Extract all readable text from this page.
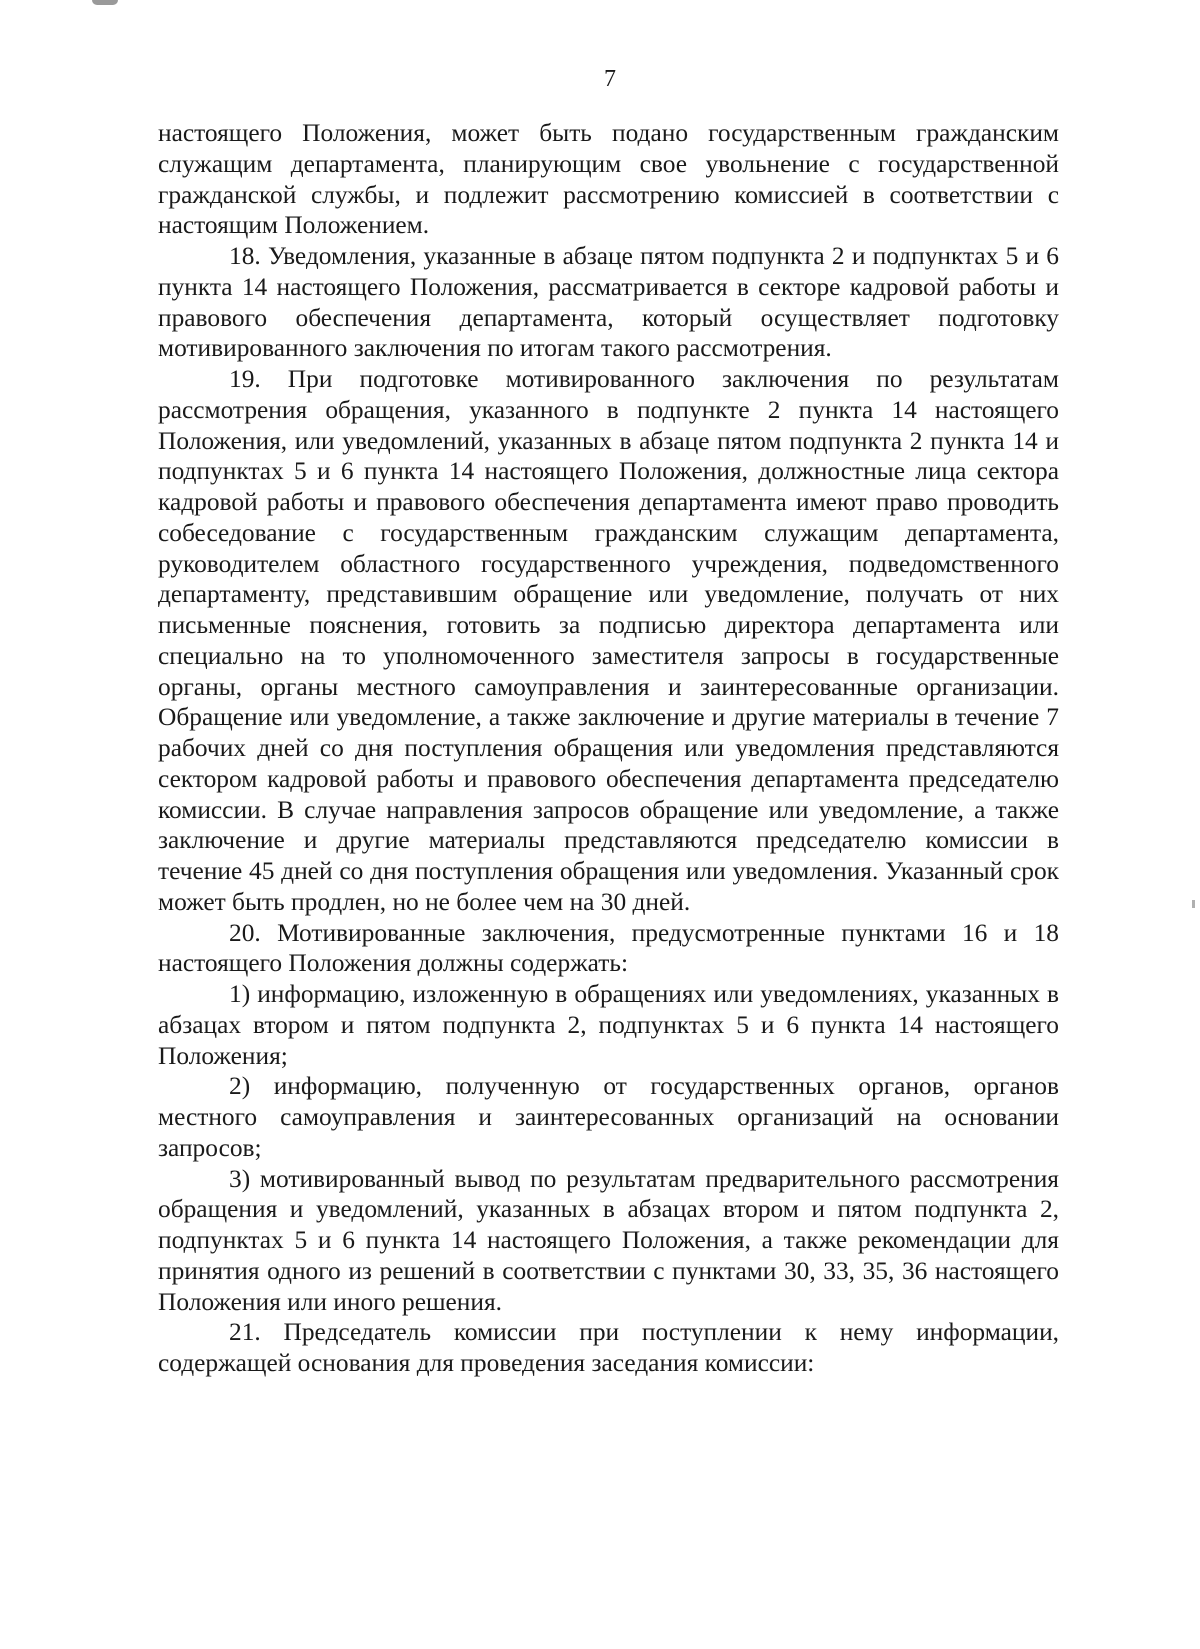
7

настоящего Положения, может быть подано государственным гражданским служащим департамента, планирующим свое увольнение с государственной гражданской службы, и подлежит рассмотрению комиссией в соответствии с настоящим Положением.

18. Уведомления, указанные в абзаце пятом подпункта 2 и подпунктах 5 и 6 пункта 14 настоящего Положения, рассматривается в секторе кадровой работы и правового обеспечения департамента, который осуществляет подготовку мотивированного заключения по итогам такого рассмотрения.

19. При подготовке мотивированного заключения по результатам рассмотрения обращения, указанного в подпункте 2 пункта 14 настоящего Положения, или уведомлений, указанных в абзаце пятом подпункта 2 пункта 14 и подпунктах 5 и 6 пункта 14 настоящего Положения, должностные лица сектора кадровой работы и правового обеспечения департамента имеют право проводить собеседование с государственным гражданским служащим департамента, руководителем областного государственного учреждения, подведомственного департаменту, представившим обращение или уведомление, получать от них письменные пояснения, готовить за подписью директора департамента или специально на то уполномоченного заместителя запросы в государственные органы, органы местного самоуправления и заинтересованные организации. Обращение или уведомление, а также заключение и другие материалы в течение 7 рабочих дней со дня поступления обращения или уведомления представляются сектором кадровой работы и правового обеспечения департамента председателю комиссии. В случае направления запросов обращение или уведомление, а также заключение и другие материалы представляются председателю комиссии в течение 45 дней со дня поступления обращения или уведомления. Указанный срок может быть продлен, но не более чем на 30 дней.

20. Мотивированные заключения, предусмотренные пунктами 16 и 18 настоящего Положения должны содержать:

1) информацию, изложенную в обращениях или уведомлениях, указанных в абзацах втором и пятом подпункта 2, подпунктах 5 и 6 пункта 14 настоящего Положения;

2) информацию, полученную от государственных органов, органов местного самоуправления и заинтересованных организаций на основании запросов;

3) мотивированный вывод по результатам предварительного рассмотрения обращения и уведомлений, указанных в абзацах втором и пятом подпункта 2, подпунктах 5 и 6 пункта 14 настоящего Положения, а также рекомендации для принятия одного из решений в соответствии с пунктами 30, 33, 35, 36 настоящего Положения или иного решения.

21. Председатель комиссии при поступлении к нему информации, содержащей основания для проведения заседания комиссии:
